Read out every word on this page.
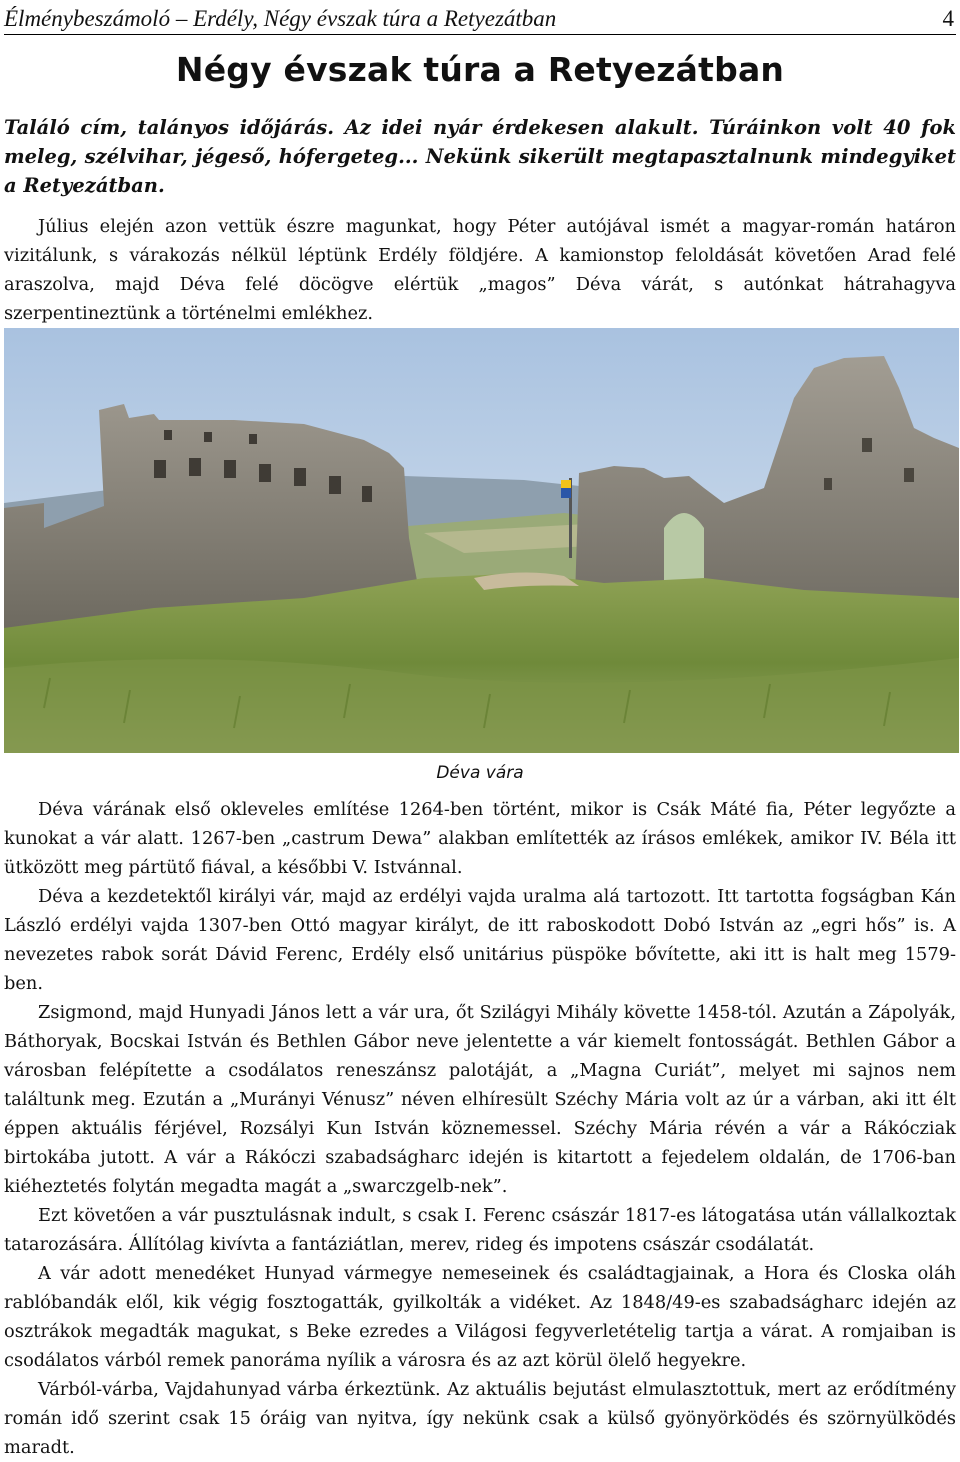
Élménybeszámoló – Erdély, Négy évszak túra a Retyezátban	4
Négy évszak túra a Retyezátban

Találó cím, talányos időjárás. Az idei nyár érdekesen alakult. Túráinkon volt 40 fok meleg, szélvihar, jégeső, hófergeteg... Nekünk sikerült megtapasztalnunk mindegyiket a Retyezátban.

Július elején azon vettük észre magunkat, hogy Péter autójával ismét a magyar-román határon vizitálunk, s várakozás nélkül léptünk Erdély földjére. A kamionstop feloldását követően Arad felé araszolva, majd Déva felé döcögve elértük „magos” Déva várát, s autónkat hátrahagyva szerpentineztünk a történelmi emlékhez.

Déva vára

Déva várának első okleveles említése 1264-ben történt, mikor is Csák Máté fia, Péter legyőzte a kunokat a vár alatt. 1267-ben „castrum Dewa” alakban említették az írásos emlékek, amikor IV. Béla itt ütközött meg pártütő fiával, a későbbi V. Istvánnal.

Déva a kezdetektől királyi vár, majd az erdélyi vajda uralma alá tartozott. Itt tartotta fogságban Kán László erdélyi vajda 1307-ben Ottó magyar királyt, de itt raboskodott Dobó István az „egri hős” is. A nevezetes rabok sorát Dávid Ferenc, Erdély első unitárius püspöke bővítette, aki itt is halt meg 1579-ben.

Zsigmond, majd Hunyadi János lett a vár ura, őt Szilágyi Mihály követte 1458-tól. Azután a Zápolyák, Báthoryak, Bocskai István és Bethlen Gábor neve jelentette a vár kiemelt fontosságát. Bethlen Gábor a városban felépítette a csodálatos reneszánsz palotáját, a „Magna Curiát”, melyet mi sajnos nem találtunk meg. Ezután a „Murányi Vénusz” néven elhíresült Széchy Mária volt az úr a várban, aki itt élt éppen aktuális férjével, Rozsályi Kun István köznemessel. Széchy Mária révén a vár a Rákócziak birtokába jutott. A vár a Rákóczi szabadságharc idején is kitartott a fejedelem oldalán, de 1706-ban kiéheztetés folytán megadta magát a „swarczgelb-nek”.

Ezt követően a vár pusztulásnak indult, s csak I. Ferenc császár 1817-es látogatása után vállalkoztak tatarozására. Állítólag kivívta a fantáziátlan, merev, rideg és impotens császár csodálatát.

A vár adott menedéket Hunyad vármegye nemeseinek és családtagjainak, a Hora és Closka oláh rablóbandák elől, kik végig fosztogatták, gyilkolták a vidéket. Az 1848/49-es szabadságharc idején az osztrákok megadták magukat, s Beke ezredes a Világosi fegyverletételig tartja a várat. A romjaiban is csodálatos várból remek panoráma nyílik a városra és az azt körül ölelő hegyekre.

Várból-várba, Vajdahunyad várba érkeztünk. Az aktuális bejutást elmulasztottuk, mert az erődítmény román idő szerint csak 15 óráig van nyitva, így nekünk csak a külső gyönyörködés és szörnyülködés maradt.
